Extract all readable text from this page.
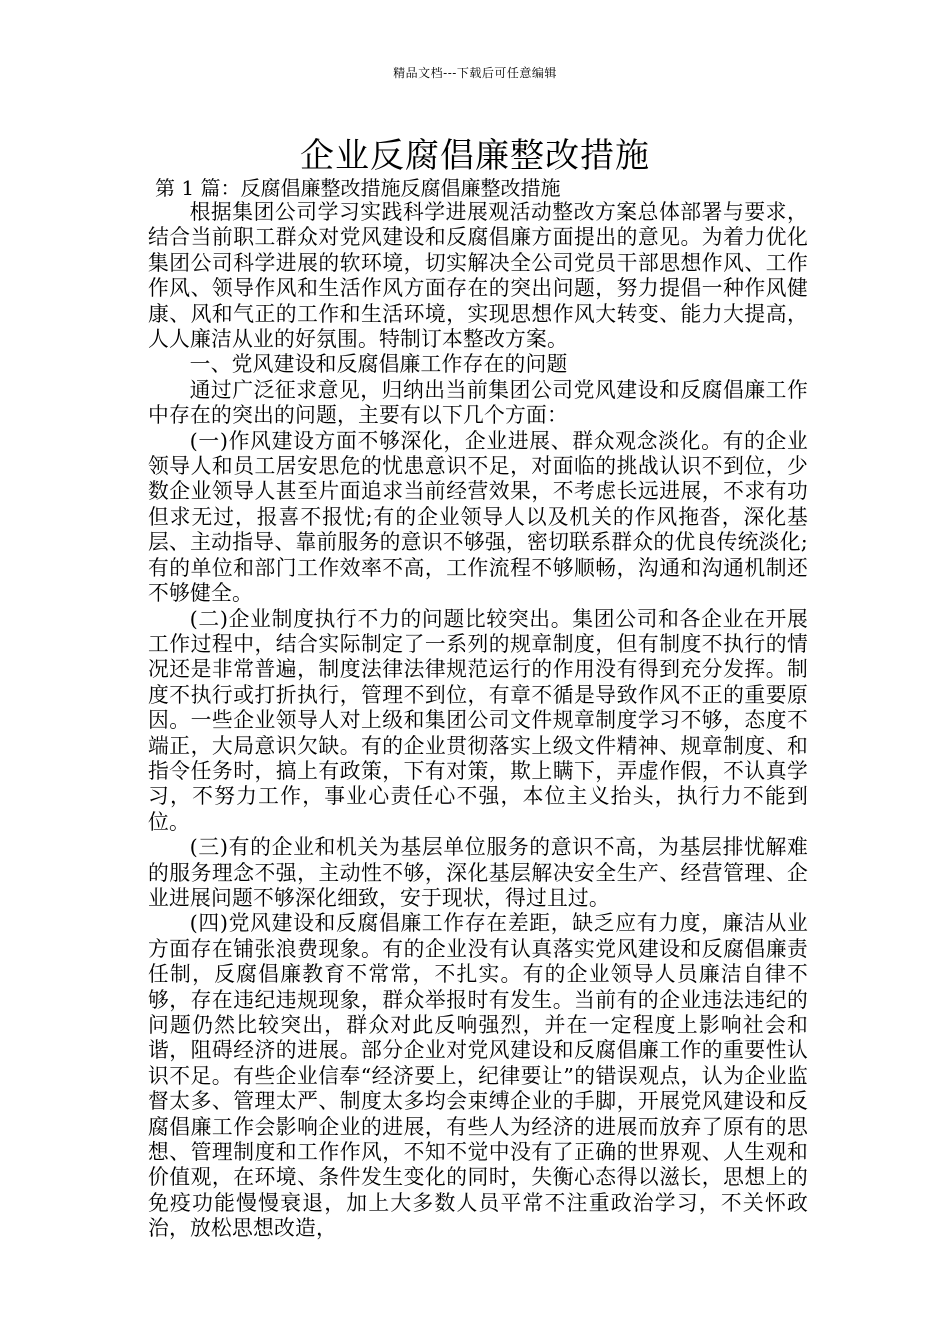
精品文档---下载后可任意编辑
企业反腐倡廉整改措施
第 1 篇：反腐倡廉整改措施反腐倡廉整改措施

根据集团公司学习实践科学进展观活动整改方案总体部署与要求，结合当前职工群众对党风建设和反腐倡廉方面提出的意见。为着力优化集团公司科学进展的软环境，切实解决全公司党员干部思想作风、工作作风、领导作风和生活作风方面存在的突出问题，努力提倡一种作风健康、风和气正的工作和生活环境，实现思想作风大转变、能力大提高，人人廉洁从业的好氛围。特制订本整改方案。

一、党风建设和反腐倡廉工作存在的问题

通过广泛征求意见，归纳出当前集团公司党风建设和反腐倡廉工作中存在的突出的问题，主要有以下几个方面：

(一)作风建设方面不够深化，企业进展、群众观念淡化。有的企业领导人和员工居安思危的忧患意识不足，对面临的挑战认识不到位，少数企业领导人甚至片面追求当前经营效果，不考虑长远进展，不求有功但求无过，报喜不报忧;有的企业领导人以及机关的作风拖沓，深化基层、主动指导、靠前服务的意识不够强，密切联系群众的优良传统淡化;有的单位和部门工作效率不高，工作流程不够顺畅，沟通和沟通机制还不够健全。

(二)企业制度执行不力的问题比较突出。集团公司和各企业在开展工作过程中，结合实际制定了一系列的规章制度，但有制度不执行的情况还是非常普遍，制度法律法律规范运行的作用没有得到充分发挥。制度不执行或打折执行，管理不到位，有章不循是导致作风不正的重要原因。一些企业领导人对上级和集团公司文件规章制度学习不够，态度不端正，大局意识欠缺。有的企业贯彻落实上级文件精神、规章制度、和指令任务时，搞上有政策，下有对策，欺上瞒下，弄虚作假，不认真学习，不努力工作，事业心责任心不强，本位主义抬头，执行力不能到位。

(三)有的企业和机关为基层单位服务的意识不高，为基层排忧解难的服务理念不强，主动性不够，深化基层解决安全生产、经营管理、企业进展问题不够深化细致，安于现状，得过且过。

(四)党风建设和反腐倡廉工作存在差距，缺乏应有力度，廉洁从业方面存在铺张浪费现象。有的企业没有认真落实党风建设和反腐倡廉责任制，反腐倡廉教育不常常，不扎实。有的企业领导人员廉洁自律不够，存在违纪违规现象，群众举报时有发生。当前有的企业违法违纪的问题仍然比较突出，群众对此反响强烈，并在一定程度上影响社会和谐，阻碍经济的进展。部分企业对党风建设和反腐倡廉工作的重要性认识不足。有些企业信奉“经济要上，纪律要让”的错误观点，认为企业监督太多、管理太严、制度太多均会束缚企业的手脚，开展党风建设和反腐倡廉工作会影响企业的进展，有些人为经济的进展而放弃了原有的思想、管理制度和工作作风，不知不觉中没有了正确的世界观、人生观和价值观，在环境、条件发生变化的同时，失衡心态得以滋长，思想上的免疫功能慢慢衰退，加上大多数人员平常不注重政治学习，不关怀政治，放松思想改造，
